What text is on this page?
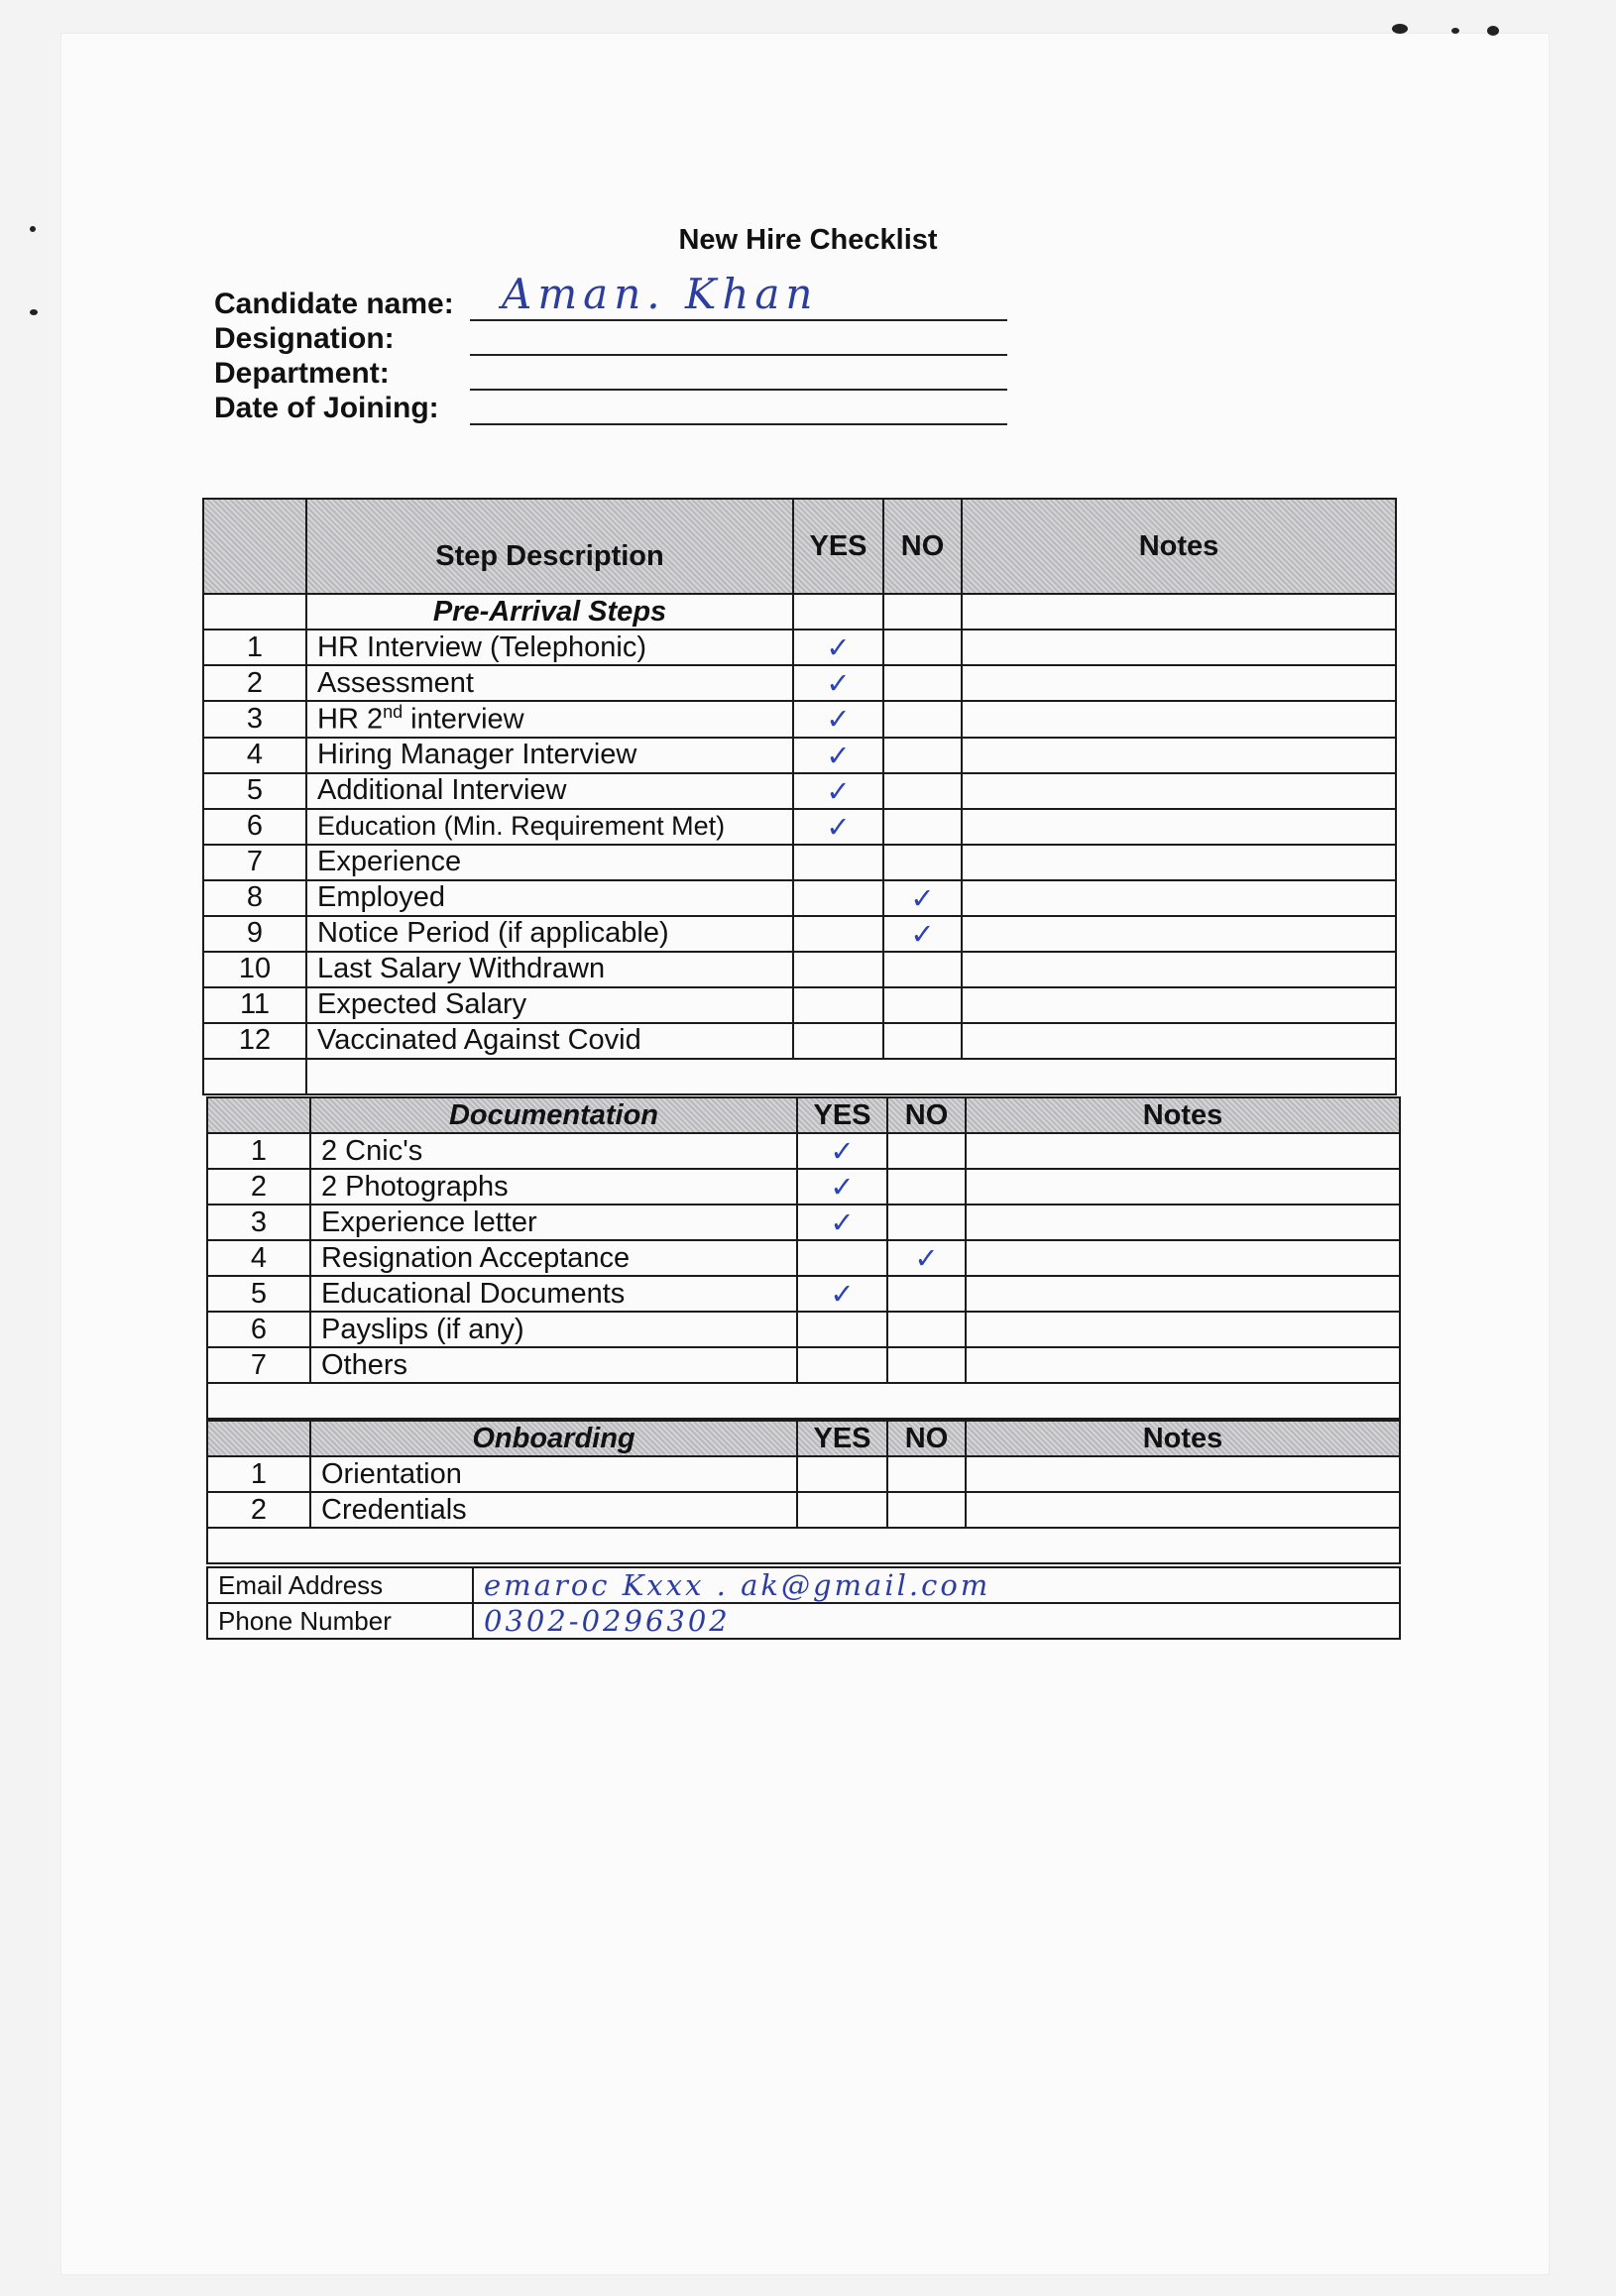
New Hire Checklist
Candidate name: Aman. Khan
Designation:
Department:
Date of Joining:
	Step Description	YES	NO	Notes
	Pre-Arrival Steps			
1	HR Interview (Telephonic)	✓		
2	Assessment	✓		
3	HR 2nd interview	✓		
4	Hiring Manager Interview	✓		
5	Additional Interview	✓		
6	Education (Min. Requirement Met)	✓		
7	Experience			
8	Employed		✓	
9	Notice Period (if applicable)		✓	
10	Last Salary Withdrawn			
11	Expected Salary			
12	Vaccinated Against Covid			

	Documentation	YES	NO	Notes
1	2 Cnic's	✓		
2	2 Photographs	✓		
3	Experience letter	✓		
4	Resignation Acceptance		✓	
5	Educational Documents	✓		
6	Payslips (if any)			
7	Others			

	Onboarding	YES	NO	Notes
1	Orientation			
2	Credentials			

Email Address	emaroc Kxxx . ak@gmail.com
Phone Number	0302-0296302
